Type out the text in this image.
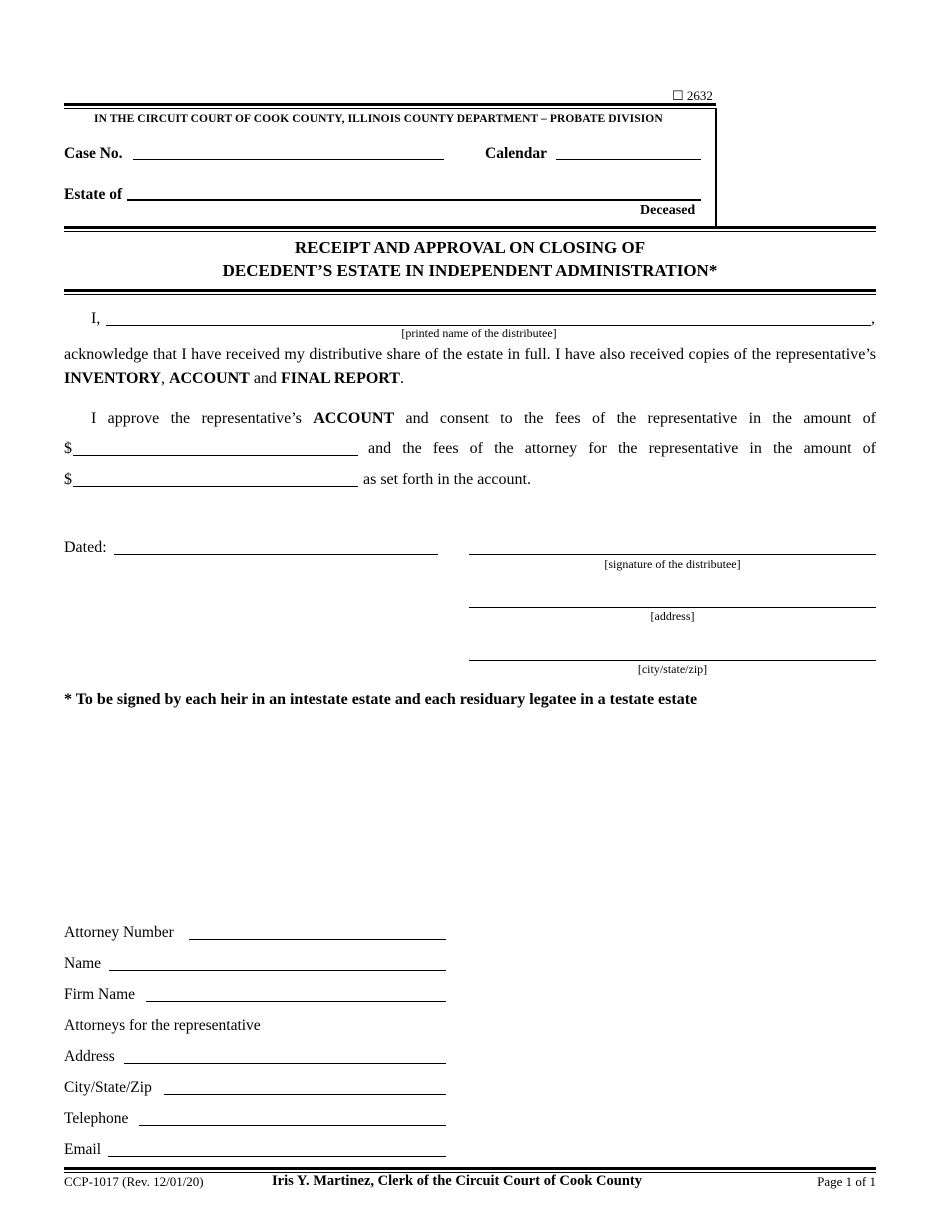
☐ 2632
IN THE CIRCUIT COURT OF COOK COUNTY, ILLINOIS COUNTY DEPARTMENT – PROBATE DIVISION
Case No.	Calendar
Estate of
Deceased
RECEIPT AND APPROVAL ON CLOSING OF
DECEDENT’S ESTATE IN INDEPENDENT ADMINISTRATION*
I,	,
[printed name of the distributee]
acknowledge that I have received my distributive share of the estate in full. I have also received copies of the representative’s INVENTORY, ACCOUNT and FINAL REPORT.
I approve the representative’s ACCOUNT and consent to the fees of the representative in the amount of
$	and the fees of the attorney for the representative in the amount of
$	as set forth in the account.
Dated:
[signature of the distributee]
[address]
[city/state/zip]
* To be signed by each heir in an intestate estate and each residuary legatee in a testate estate
Attorney Number
Name
Firm Name
Attorneys for the representative
Address
City/State/Zip
Telephone
Email
CCP-1017 (Rev. 12/01/20)	Iris Y. Martinez, Clerk of the Circuit Court of Cook County	Page 1 of 1
